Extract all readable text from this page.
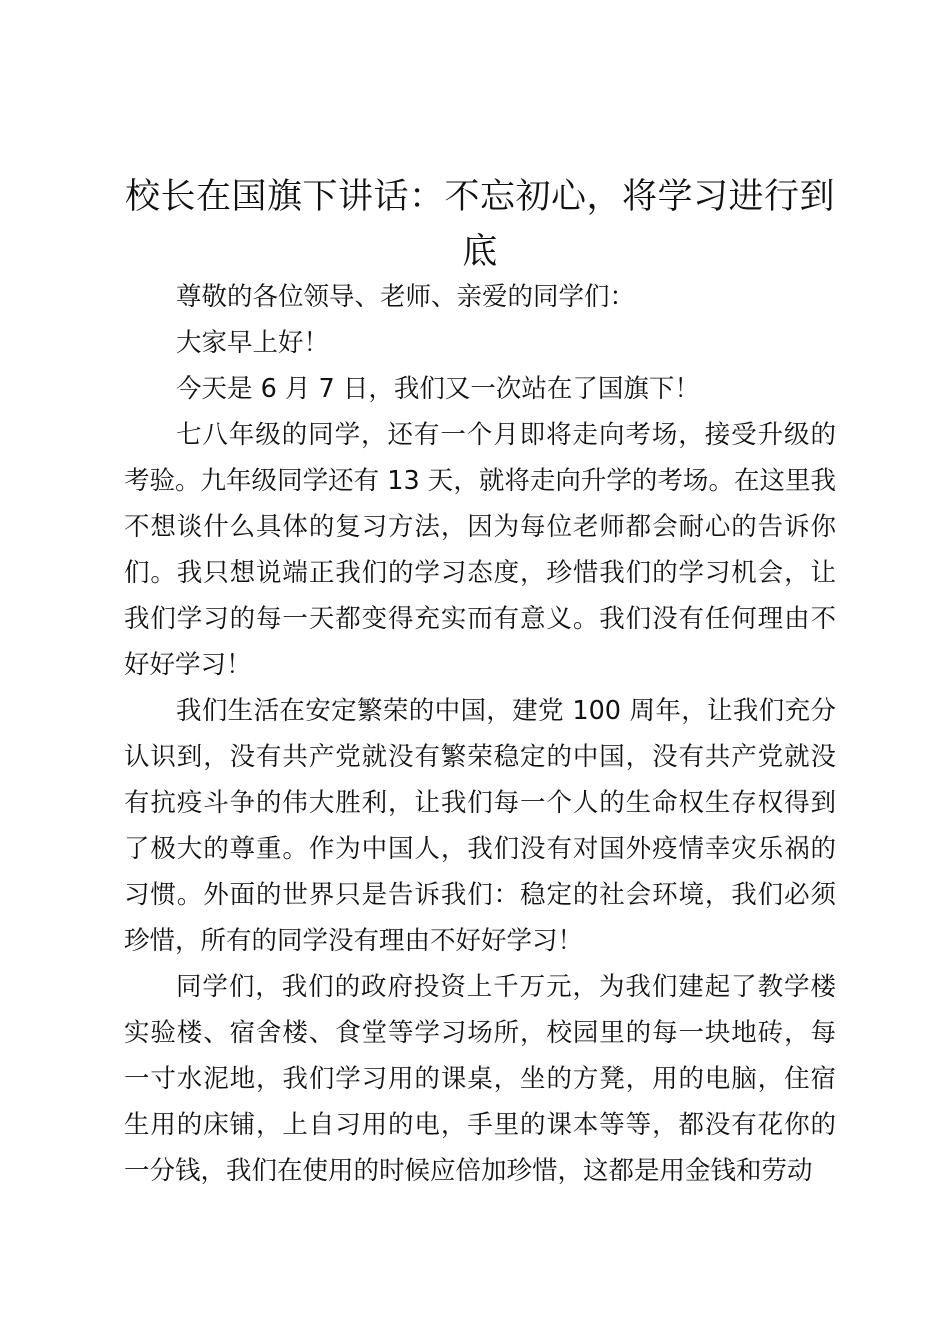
校长在国旗下讲话：不忘初心，将学习进行到底

尊敬的各位领导、老师、亲爱的同学们：

大家早上好！

今天是 6 月 7 日，我们又一次站在了国旗下！

七八年级的同学，还有一个月即将走向考场，接受升级的考验。九年级同学还有 13 天，就将走向升学的考场。在这里我不想谈什么具体的复习方法，因为每位老师都会耐心的告诉你们。我只想说端正我们的学习态度，珍惜我们的学习机会，让我们学习的每一天都变得充实而有意义。我们没有任何理由不好好学习！

我们生活在安定繁荣的中国，建党 100 周年，让我们充分认识到，没有共产党就没有繁荣稳定的中国，没有共产党就没有抗疫斗争的伟大胜利，让我们每一个人的生命权生存权得到了极大的尊重。作为中国人，我们没有对国外疫情幸灾乐祸的习惯。外面的世界只是告诉我们：稳定的社会环境，我们必须珍惜，所有的同学没有理由不好好学习！

同学们，我们的政府投资上千万元，为我们建起了教学楼实验楼、宿舍楼、食堂等学习场所，校园里的每一块地砖，每一寸水泥地，我们学习用的课桌，坐的方凳，用的电脑，住宿生用的床铺，上自习用的电，手里的课本等等，都没有花你的一分钱，我们在使用的时候应倍加珍惜，这都是用金钱和劳动
